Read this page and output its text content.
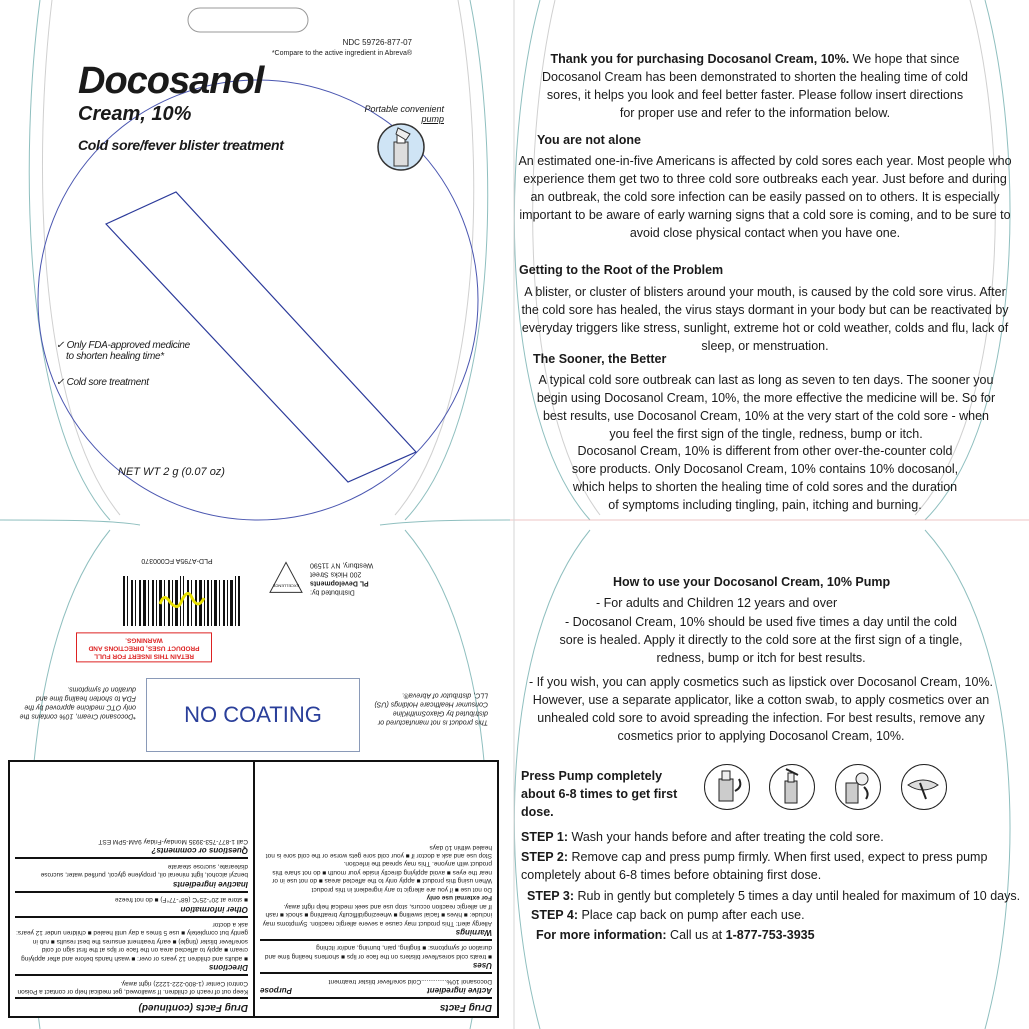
NDC 59726-877-07
*Compare to the active ingredient in Abreva®
Docosanol
Cream, 10%
Cold sore/fever blister treatment
Portable convenient pump
✓ Only FDA-approved medicine
to shorten healing time*
✓ Cold sore treatment
NET WT 2 g (0.07 oz)
PLD-A795A FC000370
Distributed by:
PL Developments
200 Hicks Street
Westbury, NY 11590
EXCELLENCE
RETAIN THIS INSERT FOR FULL PRODUCT USES, DIRECTIONS AND WARNINGS.
NO COATING
*Docosanol Cream, 10% contains the only OTC medicine approved by the FDA to shorten healing time and duration of symptoms.
This product is not manufactured or distributed by GlaxoSmithKline Consumer Healthcare Holdings (US) LLC, distributor of Abreva®.
Drug Facts
Active ingredient
Purpose
Docosanol 10%..............Cold sore/fever blister treatment
Uses
■ treats cold sores/fever blisters on the face or lips ■ shortens healing time and duration of symptoms: ■ tingling, pain, burning, and/or itching
Warnings
Allergy alert: This product may cause a severe allergic reaction. Symptoms may include: ■ hives ■ facial swelling ■ wheezing/difficulty breathing ■ shock ■ rash
If an allergic reaction occurs, stop use and seek medical help right away.
For external use only
Do not use ■ if you are allergic to any ingredient in this product
When using this product ■ apply only to the affected areas ■ do not use in or near the eyes ■ avoid applying directly inside your mouth ■ do not share this product with anyone. This may spread the infection.
Stop use and ask a doctor if ■ your cold sore gets worse or the cold sore is not healed within 10 days
Drug Facts (continued)
Keep out of reach of children. If swallowed, get medical help or contact a Poison Control Center (1-800-222-1222) right away.
Directions
■ adults and children 12 years or over: ■ wash hands before and after applying cream ■ apply to affected area on the face or lips at the first sign of cold sore/fever blister (tingle) ■ early treatment ensures the best results ■ rub in gently but completely ■ use 5 times a day until healed ■ children under 12 years: ask a doctor
Other information
■ store at 20°-25°C (68°-77°F) ■ do not freeze
Inactive ingredients
benzyl alcohol, light mineral oil, propylene glycol, purified water, sucrose distearate, sucrose stearate
Questions or comments?
Call 1-877-753-3935 Monday-Friday 9AM-5PM EST
Thank you for purchasing Docosanol Cream, 10%. We hope that since Docosanol Cream has been demonstrated to shorten the healing time of cold sores, it helps you look and feel better faster. Please follow insert directions for proper use and refer to the information below.
You are not alone
An estimated one-in-five Americans is affected by cold sores each year. Most people who experience them get two to three cold sore outbreaks each year. Just before and during an outbreak, the cold sore infection can be easily passed on to others. It is especially important to be aware of early warning signs that a cold sore is coming, and to be sure to avoid close physical contact when you have one.
Getting to the Root of the Problem
A blister, or cluster of blisters around your mouth, is caused by the cold sore virus. After the cold sore has healed, the virus stays dormant in your body but can be reactivated by everyday triggers like stress, sunlight, extreme hot or cold weather, colds and flu, lack of sleep, or menstruation.
The Sooner, the Better
A typical cold sore outbreak can last as long as seven to ten days. The sooner you begin using Docosanol Cream, 10%, the more effective the medicine will be. So for best results, use Docosanol Cream, 10% at the very start of the cold sore - when you feel the first sign of the tingle, redness, bump or itch.
Docosanol Cream, 10% is different from other over-the-counter cold sore products. Only Docosanol Cream, 10% contains 10% docosanol, which helps to shorten the healing time of cold sores and the duration of symptoms including tingling, pain, itching and burning.
How to use your Docosanol Cream, 10% Pump
- For adults and Children 12 years and over
- Docosanol Cream, 10% should be used five times a day until the cold sore is healed. Apply it directly to the cold sore at the first sign of a tingle, redness, bump or itch for best results.
- If you wish, you can apply cosmetics such as lipstick over Docosanol Cream, 10%. However, use a separate applicator, like a cotton swab, to apply cosmetics over an unhealed cold sore to avoid spreading the infection. For best results, remove any cosmetics prior to applying Docosanol Cream, 10%.
Press Pump completely about 6-8 times to get first dose.
STEP 1: Wash your hands before and after treating the cold sore.
STEP 2: Remove cap and press pump firmly. When first used, expect to press pump completely about 6-8 times before obtaining first dose.
STEP 3: Rub in gently but completely 5 times a day until healed for maximum of 10 days.
STEP 4: Place cap back on pump after each use.
For more information: Call us at 1-877-753-3935
